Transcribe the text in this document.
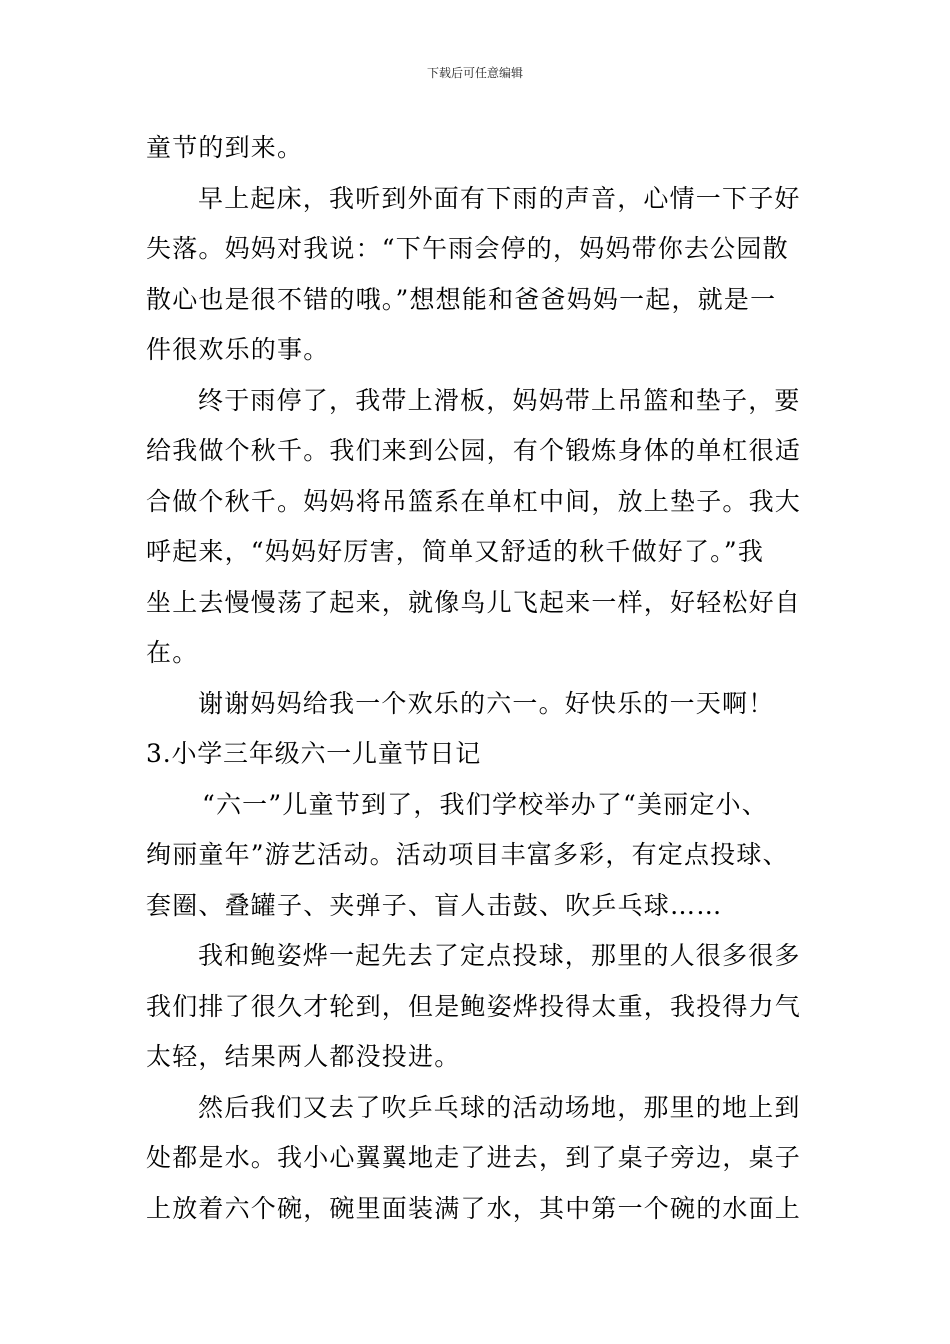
下载后可任意编辑
童节的到来。
早上起床，我听到外面有下雨的声音，心情一下子好
失落。妈妈对我说：“下午雨会停的，妈妈带你去公园散
散心也是很不错的哦。”想想能和爸爸妈妈一起，就是一
件很欢乐的事。
终于雨停了，我带上滑板，妈妈带上吊篮和垫子，要
给我做个秋千。我们来到公园，有个锻炼身体的单杠很适
合做个秋千。妈妈将吊篮系在单杠中间，放上垫子。我大
呼起来，“妈妈好厉害，简单又舒适的秋千做好了。”我
坐上去慢慢荡了起来，就像鸟儿飞起来一样，好轻松好自
在。
谢谢妈妈给我一个欢乐的六一。好快乐的一天啊！
3.小学三年级六一儿童节日记
“六一”儿童节到了，我们学校举办了“美丽定小、
绚丽童年”游艺活动。活动项目丰富多彩，有定点投球、
套圈、叠罐子、夹弹子、盲人击鼓、吹乒乓球……
我和鲍姿烨一起先去了定点投球，那里的人很多很多
我们排了很久才轮到，但是鲍姿烨投得太重，我投得力气
太轻，结果两人都没投进。
然后我们又去了吹乒乓球的活动场地，那里的地上到
处都是水。我小心翼翼地走了进去，到了桌子旁边，桌子
上放着六个碗，碗里面装满了水，其中第一个碗的水面上
